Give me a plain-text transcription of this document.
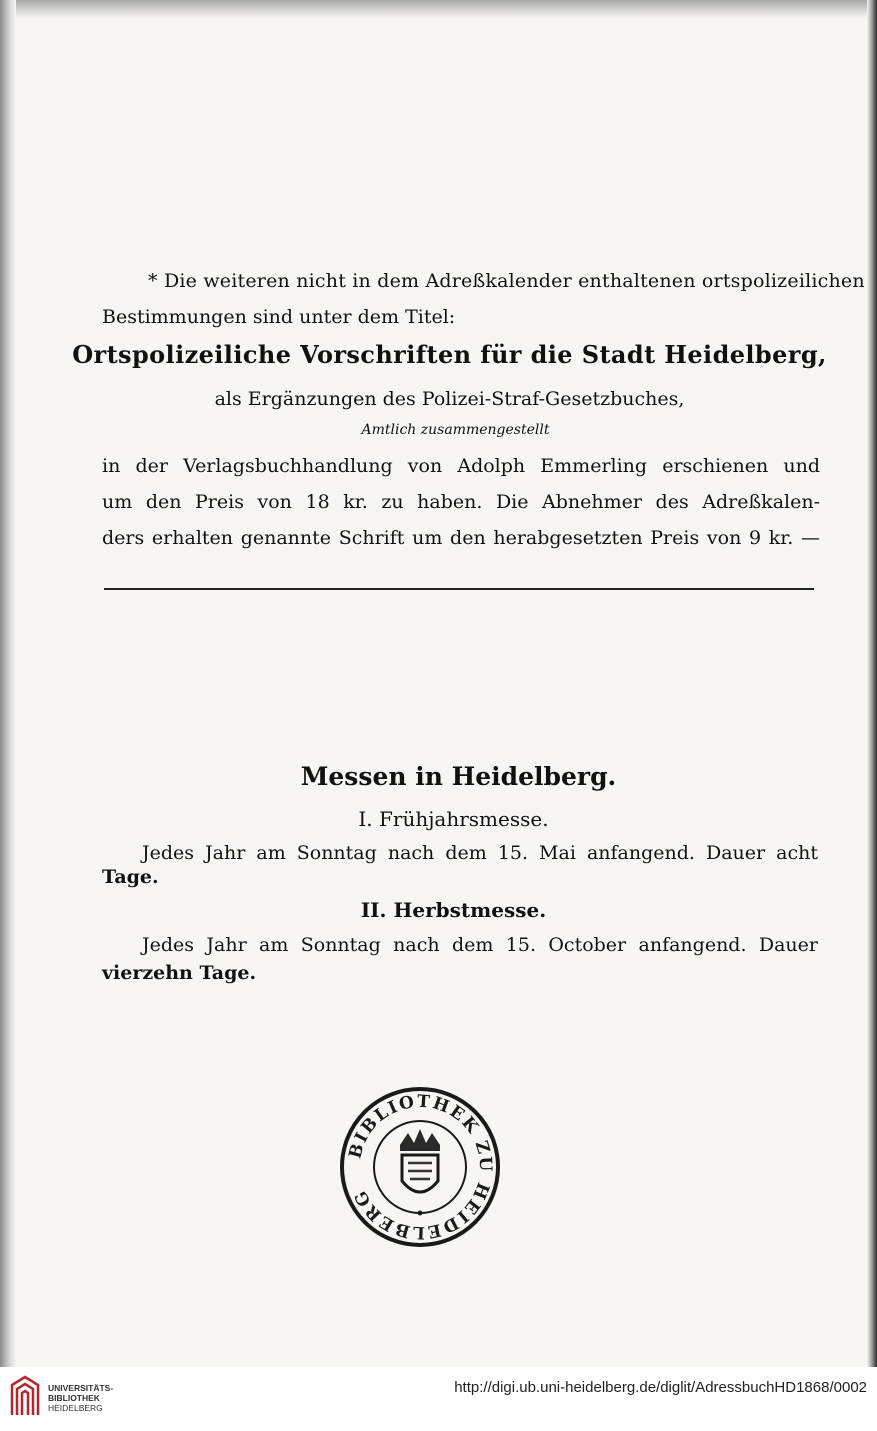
* Die weiteren nicht in dem Adreßkalender enthaltenen ortspolizeilichen
Bestimmungen sind unter dem Titel:
Ortspolizeiliche Vorschriften für die Stadt Heidelberg,
als Ergänzungen des Polizei-Straf-Gesetzbuches,
Amtlich zusammengestellt
in der Verlagsbuchhandlung von Adolph Emmerling erschienen und
um den Preis von 18 kr. zu haben. Die Abnehmer des Adreßkalen-
ders erhalten genannte Schrift um den herabgesetzten Preis von 9 kr. —
Messen in Heidelberg.
I. Frühjahrsmesse.
Jedes Jahr am Sonntag nach dem 15. Mai anfangend. Dauer acht
Tage.
II. Herbstmesse.
Jedes Jahr am Sonntag nach dem 15. October anfangend. Dauer
vierzehn Tage.
BIBLIOTHEK ZU HEIDELBERG
UNIVERSITÄTS-
BIBLIOTHEK
HEIDELBERG
http://digi.ub.uni-heidelberg.de/diglit/AdressbuchHD1868/0002
